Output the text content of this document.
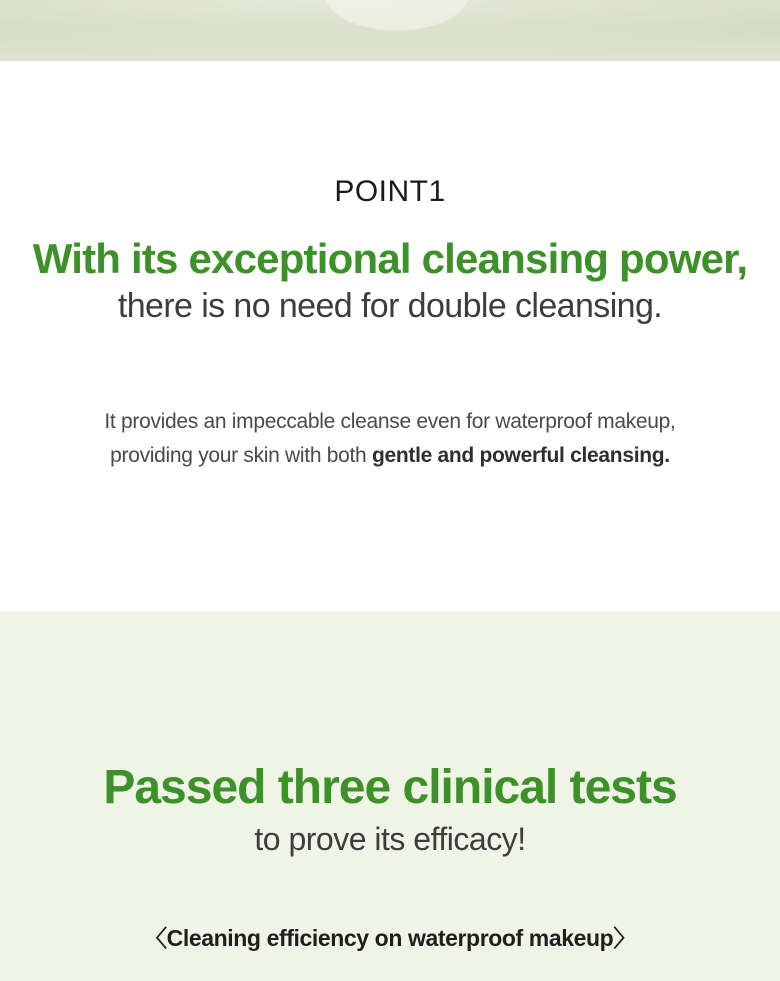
POINT1
With its exceptional cleansing power,
there is no need for double cleansing.
It provides an impeccable cleanse even for waterproof makeup,
providing your skin with both gentle and powerful cleansing.
Passed three clinical tests
to prove its efficacy!
〈Cleaning efficiency on waterproof makeup〉
